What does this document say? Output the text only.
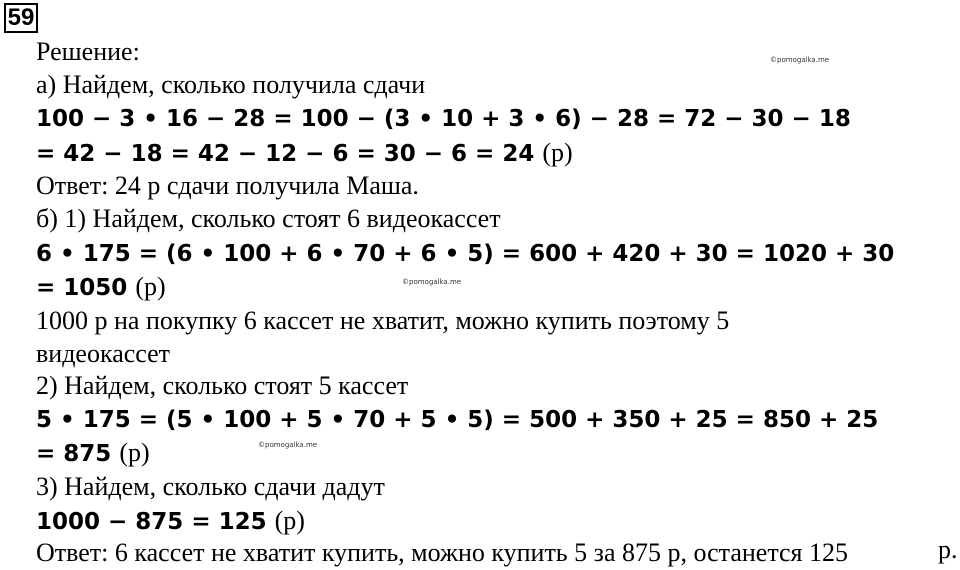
59
©pomogalka.me
©pomogalka.me
©pomogalka.me
Решение:
а) Найдем, сколько получила сдачи
100 − 3 • 16 − 28 = 100 − (3 • 10 + 3 • 6) − 28 = 72 − 30 − 18
= 42 − 18 = 42 − 12 − 6 = 30 − 6 = 24 (р)
Ответ: 24 р сдачи получила Маша.
б) 1) Найдем, сколько стоят 6 видеокассет
6 • 175 = (6 • 100 + 6 • 70 + 6 • 5) = 600 + 420 + 30 = 1020 + 30
= 1050 (р)
1000 р на покупку 6 кассет не хватит, можно купить поэтому 5
видеокассет
2) Найдем, сколько стоят 5 кассет
5 • 175 = (5 • 100 + 5 • 70 + 5 • 5) = 500 + 350 + 25 = 850 + 25
= 875 (р)
3) Найдем, сколько сдачи дадут
1000 − 875 = 125 (р)
Ответ: 6 кассет не хватит купить, можно купить 5 за 875 р, останется 125	р.
